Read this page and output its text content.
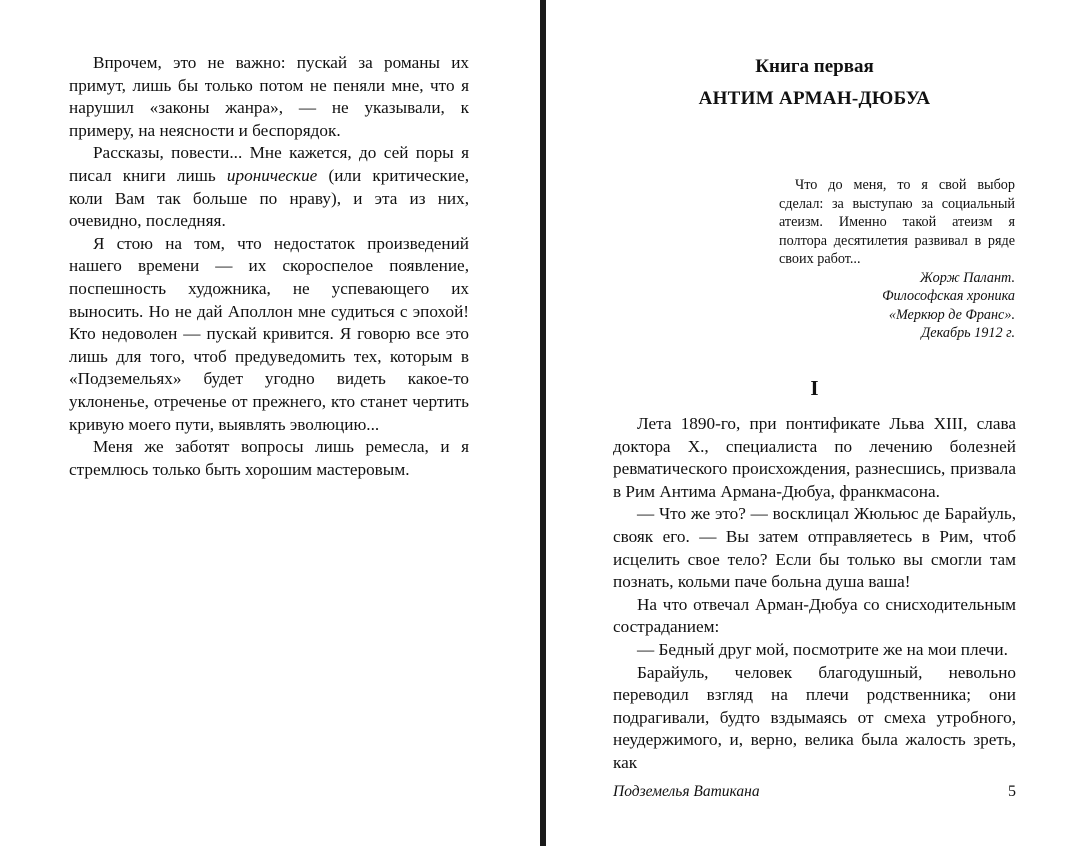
Впрочем, это не важно: пускай за романы их примут, лишь бы только потом не пеняли мне, что я нарушил «законы жанра», — не указывали, к примеру, на неясности и беспорядок.

Рассказы, повести... Мне кажется, до сей поры я писал книги лишь иронические (или критические, коли Вам так больше по нраву), и эта из них, очевидно, последняя.

Я стою на том, что недостаток произведений нашего времени — их скороспелое появление, поспешность художника, не успевающего их выносить. Но не дай Аполлон мне судиться с эпохой! Кто недоволен — пускай кривится. Я говорю все это лишь для того, чтоб предуведомить тех, которым в «Подземельях» будет угодно видеть какое-то уклоненье, отреченье от прежнего, кто станет чертить кривую моего пути, выявлять эволюцию...

Меня же заботят вопросы лишь ремесла, и я стремлюсь только быть хорошим мастеровым.

Книга первая
АНТИМ АРМАН-ДЮБУА

Что до меня, то я свой выбор сделал: за выступаю за социальный атеизм. Именно такой атеизм я полтора десятилетия развивал в ряде своих работ...

Жорж Палант.
Философская хроника
«Меркюр де Франс».
Декабрь 1912 г.
I

Лета 1890-го, при понтификате Льва XIII, слава доктора Х., специалиста по лечению болезней ревматического происхождения, разнесшись, призвала в Рим Антима Армана-Дюбуа, франкмасона.

— Что же это? — восклицал Жюльюс де Барайуль, свояк его. — Вы затем отправляетесь в Рим, чтоб исцелить свое тело? Если бы только вы смогли там познать, кольми паче больна душа ваша!

На что отвечал Арман-Дюбуа со снисходительным состраданием:

— Бедный друг мой, посмотрите же на мои плечи.

Барайуль, человек благодушный, невольно переводил взгляд на плечи родственника; они подрагивали, будто вздымаясь от смеха утробного, неудержимого, и, верно, велика была жалость зреть, как

Подземелья Ватикана	5
